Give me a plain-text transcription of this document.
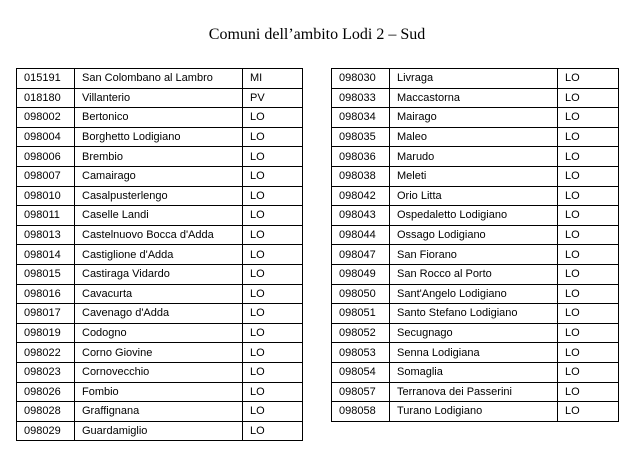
Comuni dell’ambito Lodi 2 – Sud
015191	San Colombano al Lambro	MI
018180	Villanterio	PV
098002	Bertonico	LO
098004	Borghetto Lodigiano	LO
098006	Brembio	LO
098007	Camairago	LO
098010	Casalpusterlengo	LO
098011	Caselle Landi	LO
098013	Castelnuovo Bocca d'Adda	LO
098014	Castiglione d'Adda	LO
098015	Castiraga Vidardo	LO
098016	Cavacurta	LO
098017	Cavenago d'Adda	LO
098019	Codogno	LO
098022	Corno Giovine	LO
098023	Cornovecchio	LO
098026	Fombio	LO
098028	Graffignana	LO
098029	Guardamiglio	LO
098030	Livraga	LO
098033	Maccastorna	LO
098034	Mairago	LO
098035	Maleo	LO
098036	Marudo	LO
098038	Meleti	LO
098042	Orio Litta	LO
098043	Ospedaletto Lodigiano	LO
098044	Ossago Lodigiano	LO
098047	San Fiorano	LO
098049	San Rocco al Porto	LO
098050	Sant'Angelo Lodigiano	LO
098051	Santo Stefano Lodigiano	LO
098052	Secugnago	LO
098053	Senna Lodigiana	LO
098054	Somaglia	LO
098057	Terranova dei Passerini	LO
098058	Turano Lodigiano	LO
